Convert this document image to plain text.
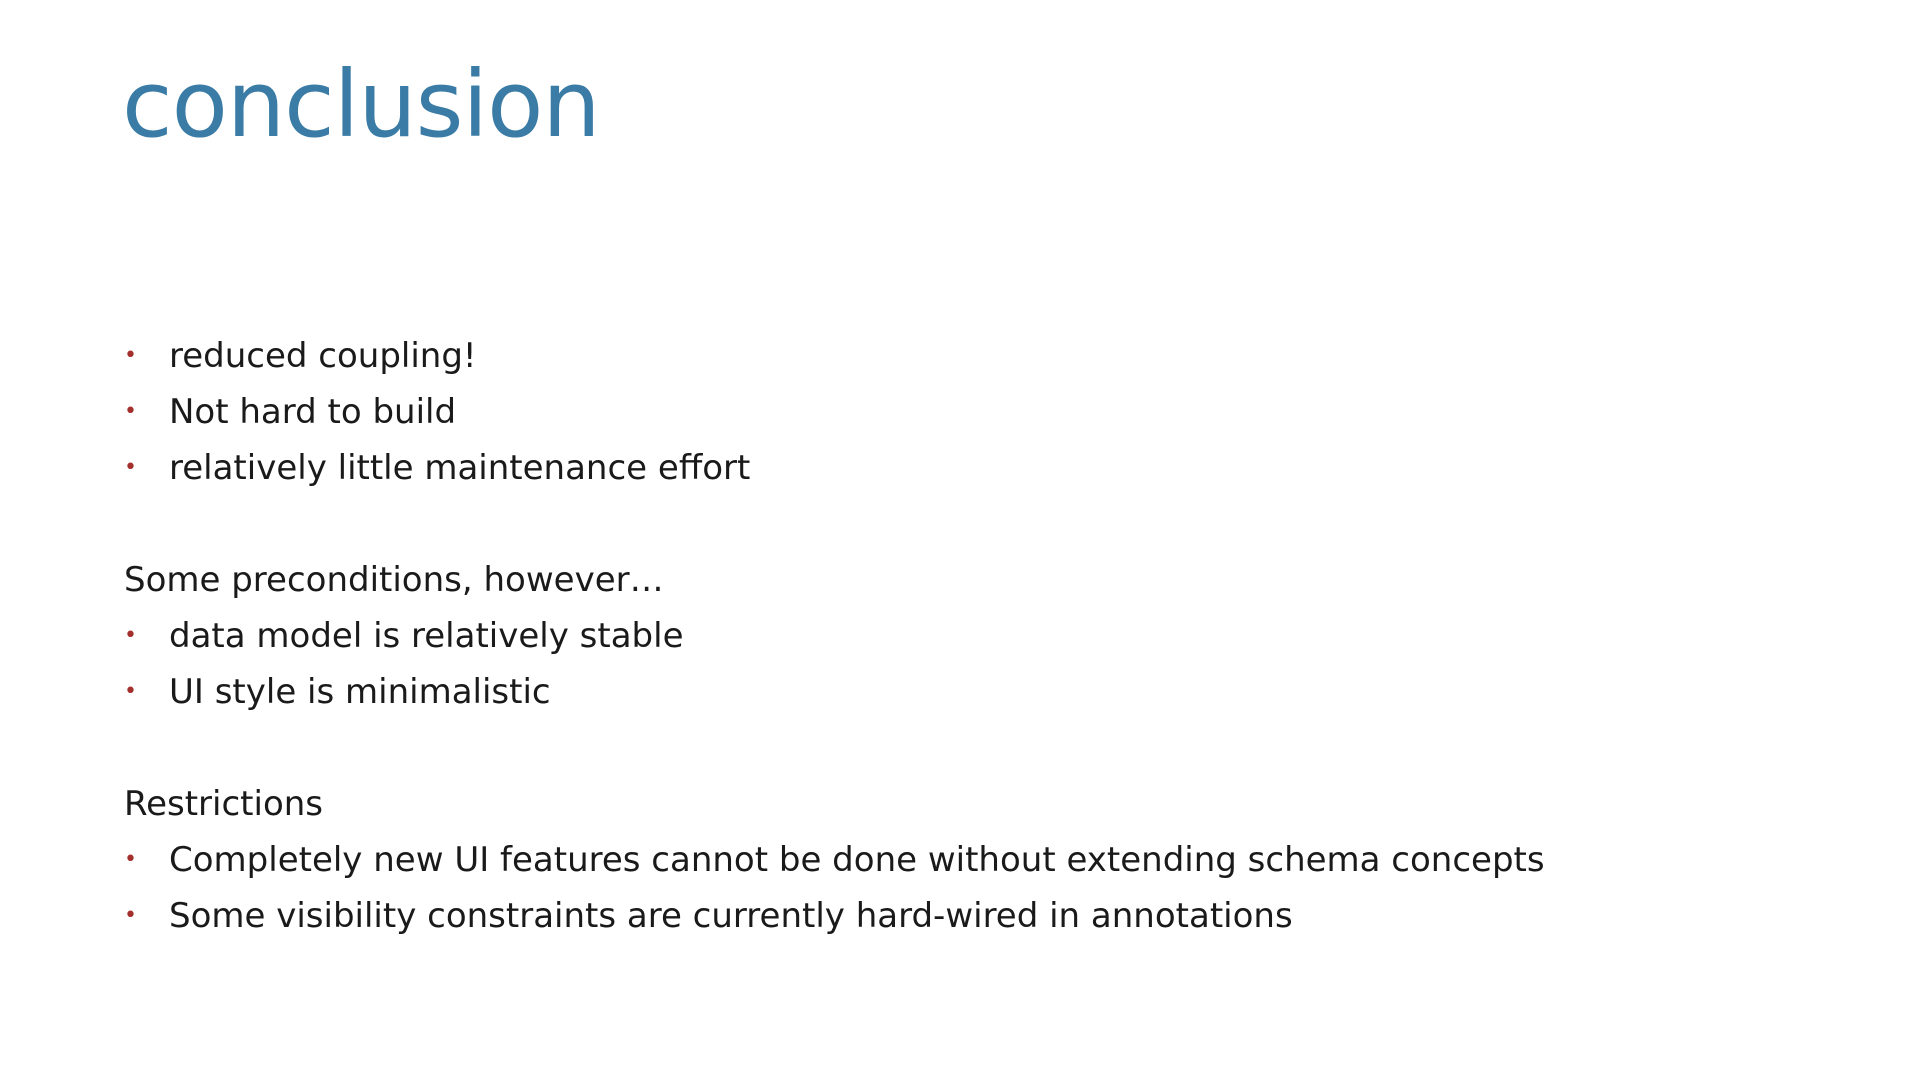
conclusion
• reduced coupling!
• Not hard to build
• relatively little maintenance effort
Some preconditions, however…
• data model is relatively stable
• UI style is minimalistic
Restrictions
• Completely new UI features cannot be done without extending schema concepts
• Some visibility constraints are currently hard-wired in annotations
